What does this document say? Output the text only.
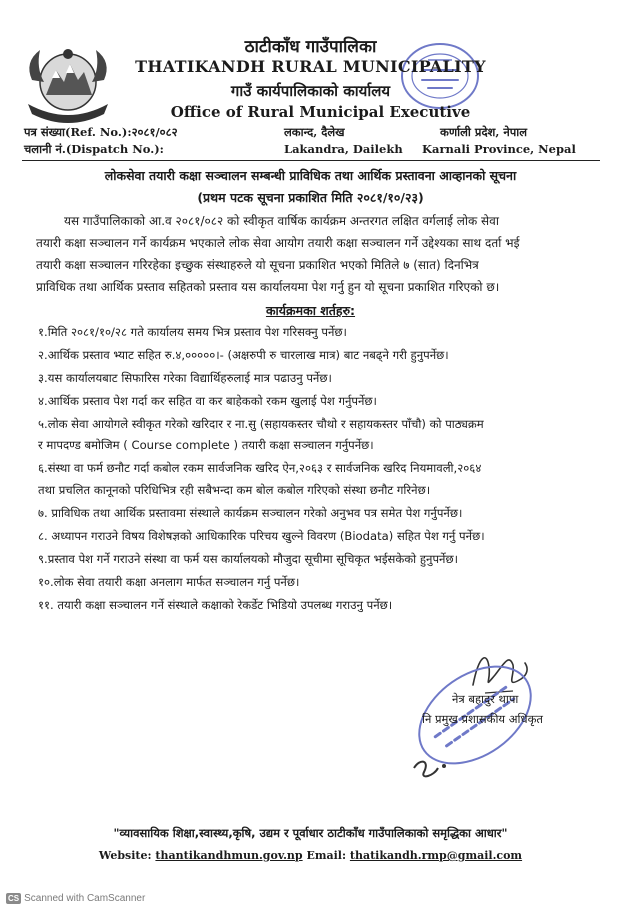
ठाटीकाँध गाउँपालिका
THATIKANDH RURAL MUNICIPALITY
गाउँ कार्यपालिकाको कार्यालय
Office of Rural Municipal Executive
पत्र संख्या(Ref. No.):२०८१/०८२
चलानी नं.(Dispatch No.):
लकान्द, दैलेख
Lakandra, Dailekh
कर्णाली प्रदेश, नेपाल
Karnali Province, Nepal
लोकसेवा तयारी कक्षा सञ्चालन सम्बन्धी प्राविधिक तथा आर्थिक प्रस्तावना आव्हानको सूचना
(प्रथम पटक सूचना प्रकाशित मिति २०८१/१०/२३)
यस गाउँपालिकाको आ.व २०८१/०८२ को स्वीकृत वार्षिक कार्यक्रम अन्तरगत लक्षित वर्गलाई लोक सेवा
तयारी कक्षा सञ्चालन गर्ने कार्यक्रम भएकाले लोक सेवा आयोग तयारी कक्षा सञ्चालन गर्ने उद्देश्यका साथ दर्ता भई
तयारी कक्षा सञ्चालन गरिरहेका इच्छुक संस्थाहरुले यो सूचना प्रकाशित भएको मितिले ७ (सात) दिनभित्र
प्राविधिक तथा आर्थिक प्रस्ताव सहितको प्रस्ताव यस कार्यालयमा पेश गर्नु हुन यो सूचना प्रकाशित गरिएको छ।
कार्यक्रमका शर्तहरु:
१.मिति २०८१/१०/२८ गते कार्यालय समय भित्र प्रस्ताव पेश गरिसक्नु पर्नेछ।
२.आर्थिक प्रस्ताव भ्याट सहित रु.४,०००००।- (अक्षरुपी रु चारलाख मात्र) बाट नबढ्ने गरी हुनुपर्नेछ।
३.यस कार्यालयबाट सिफारिस गरेका विद्यार्थिहरुलाई मात्र पढाउनु पर्नेछ।
४.आर्थिक प्रस्ताव पेश गर्दा कर सहित वा कर बाहेकको रकम खुलाई पेश गर्नुपर्नेछ।
५.लोक सेवा आयोगले स्वीकृत गरेको खरिदार र ना.सु (सहायकस्तर चौथो र सहायकस्तर पाँचौ) को पाठ्यक्रम
र मापदण्ड बमोजिम ( Course complete ) तयारी कक्षा सञ्चालन गर्नुपर्नेछ।
६.संस्था वा फर्म छनौट गर्दा कबोल रकम सार्वजनिक खरिद ऐन,२०६३ र सार्वजनिक खरिद नियमावली,२०६४
तथा प्रचलित कानूनको परिधिभित्र रही सबैभन्दा कम बोल कबोल गरिएको संस्था छनौट गरिनेछ।
७. प्राविधिक तथा आर्थिक प्रस्तावमा संस्थाले कार्यक्रम सञ्चालन गरेको अनुभव पत्र समेत पेश गर्नुपर्नेछ।
८. अध्यापन गराउने विषय विशेषज्ञको आधिकारिक परिचय खुल्ने विवरण (Biodata) सहित पेश गर्नु पर्नेछ।
९.प्रस्ताव पेश गर्ने गराउने संस्था वा फर्म यस कार्यालयको मौजुदा सूचीमा सूचिकृत भईसकेको हुनुपर्नेछ।
१०.लोक सेवा तयारी कक्षा अनलाग मार्फत सञ्चालन गर्नु पर्नेछ।
११. तयारी कक्षा सञ्चालन गर्ने संस्थाले कक्षाको रेकर्डेट भिडियो उपलब्ध गराउनु पर्नेछ।
नेत्र बहादुर थापा
नि प्रमुख प्रशासकीय अधिकृत
"व्यावसायिक शिक्षा,स्वास्थ्य,कृषि, उद्यम र पूर्वाधार ठाटीकाँध गाउँपालिकाको समृद्धिका आधार"
Website: thantikandhmun.gov.np Email: thatikandh.rmp@gmail.com
CS Scanned with CamScanner
